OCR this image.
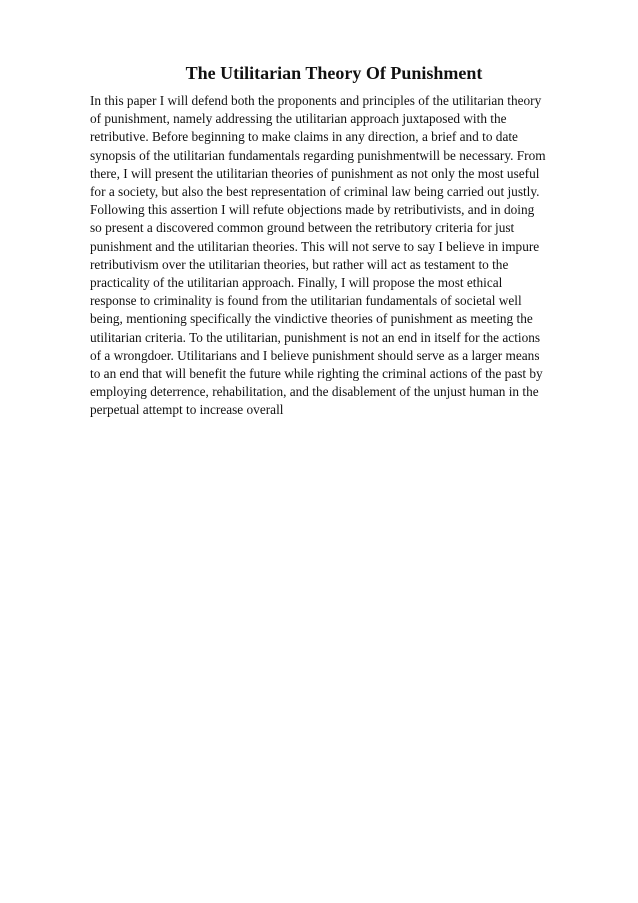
The Utilitarian Theory Of Punishment

In this paper I will defend both the proponents and principles of the utilitarian theory
of punishment, namely addressing the utilitarian approach juxtaposed with the
retributive. Before beginning to make claims in any direction, a brief and to date
synopsis of the utilitarian fundamentals regarding punishmentwill be necessary. From
there, I will present the utilitarian theories of punishment as not only the most useful
for a society, but also the best representation of criminal law being carried out justly.
Following this assertion I will refute objections made by retributivists, and in doing
so present a discovered common ground between the retributory criteria for just
punishment and the utilitarian theories. This will not serve to say I believe in impure
retributivism over the utilitarian theories, but rather will act as testament to the
practicality of the utilitarian approach. Finally, I will propose the most ethical
response to criminality is found from the utilitarian fundamentals of societal well
being, mentioning specifically the vindictive theories of punishment as meeting the
utilitarian criteria. To the utilitarian, punishment is not an end in itself for the actions
of a wrongdoer. Utilitarians and I believe punishment should serve as a larger means
to an end that will benefit the future while righting the criminal actions of the past by
employing deterrence, rehabilitation, and the disablement of the unjust human in the
perpetual attempt to increase overall
